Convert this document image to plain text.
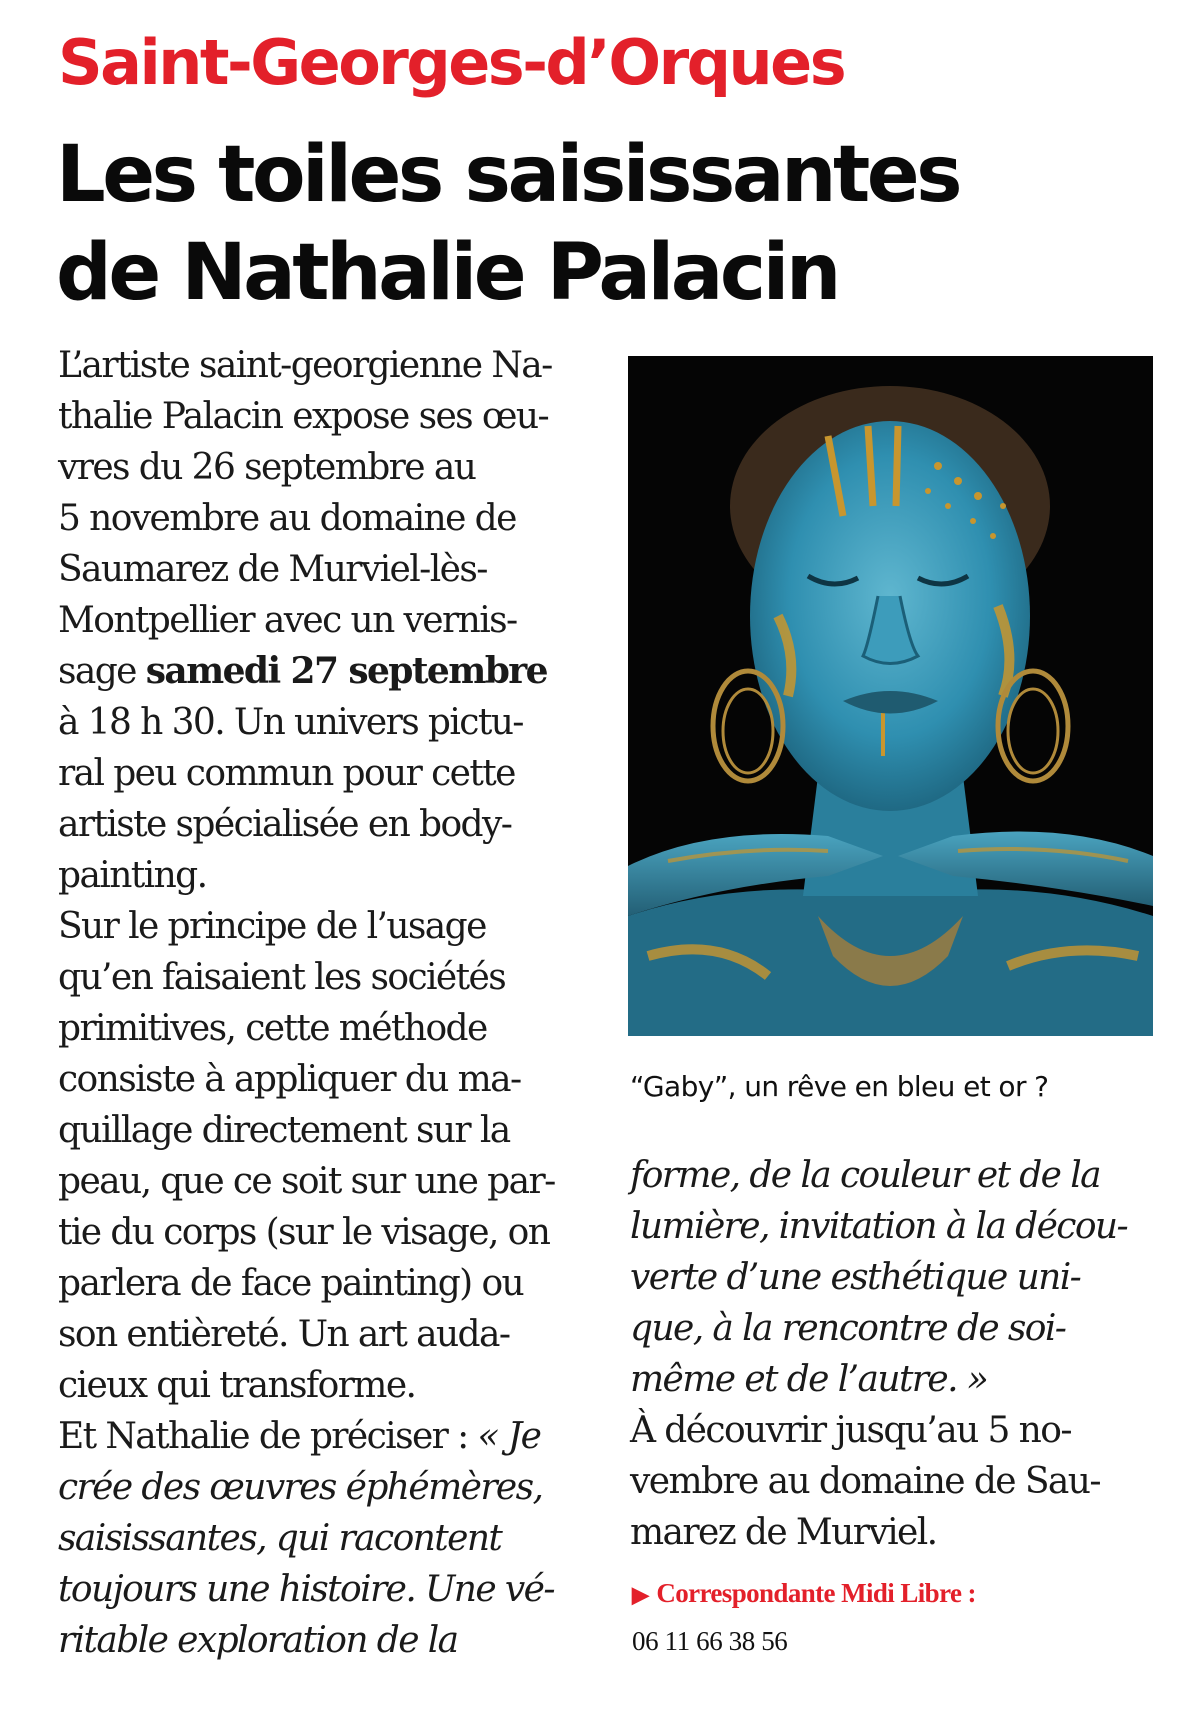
Saint-Georges-d’Orques
Les toiles saisissantes
de Nathalie Palacin
L’artiste saint-georgienne Na-
thalie Palacin expose ses œu-
vres du 26 septembre au
5 novembre au domaine de
Saumarez de Murviel-lès-
Montpellier avec un vernis-
sage samedi 27 septembre
à 18 h 30. Un univers pictu-
ral peu commun pour cette
artiste spécialisée en body-
painting.
Sur le principe de l’usage
qu’en faisaient les sociétés
primitives, cette méthode
consiste à appliquer du ma-
quillage directement sur la
peau, que ce soit sur une par-
tie du corps (sur le visage, on
parlera de face painting) ou
son entièreté. Un art auda-
cieux qui transforme.
Et Nathalie de préciser : « Je
crée des œuvres éphémères,
saisissantes, qui racontent
toujours une histoire. Une vé-
ritable exploration de la
“Gaby”, un rêve en bleu et or ?
forme, de la couleur et de la
lumière, invitation à la décou-
verte d’une esthétique uni-
que, à la rencontre de soi-
même et de l’autre. »
À découvrir jusqu’au 5 no-
vembre au domaine de Sau-
marez de Murviel.
▶ Correspondante Midi Libre :
06 11 66 38 56
